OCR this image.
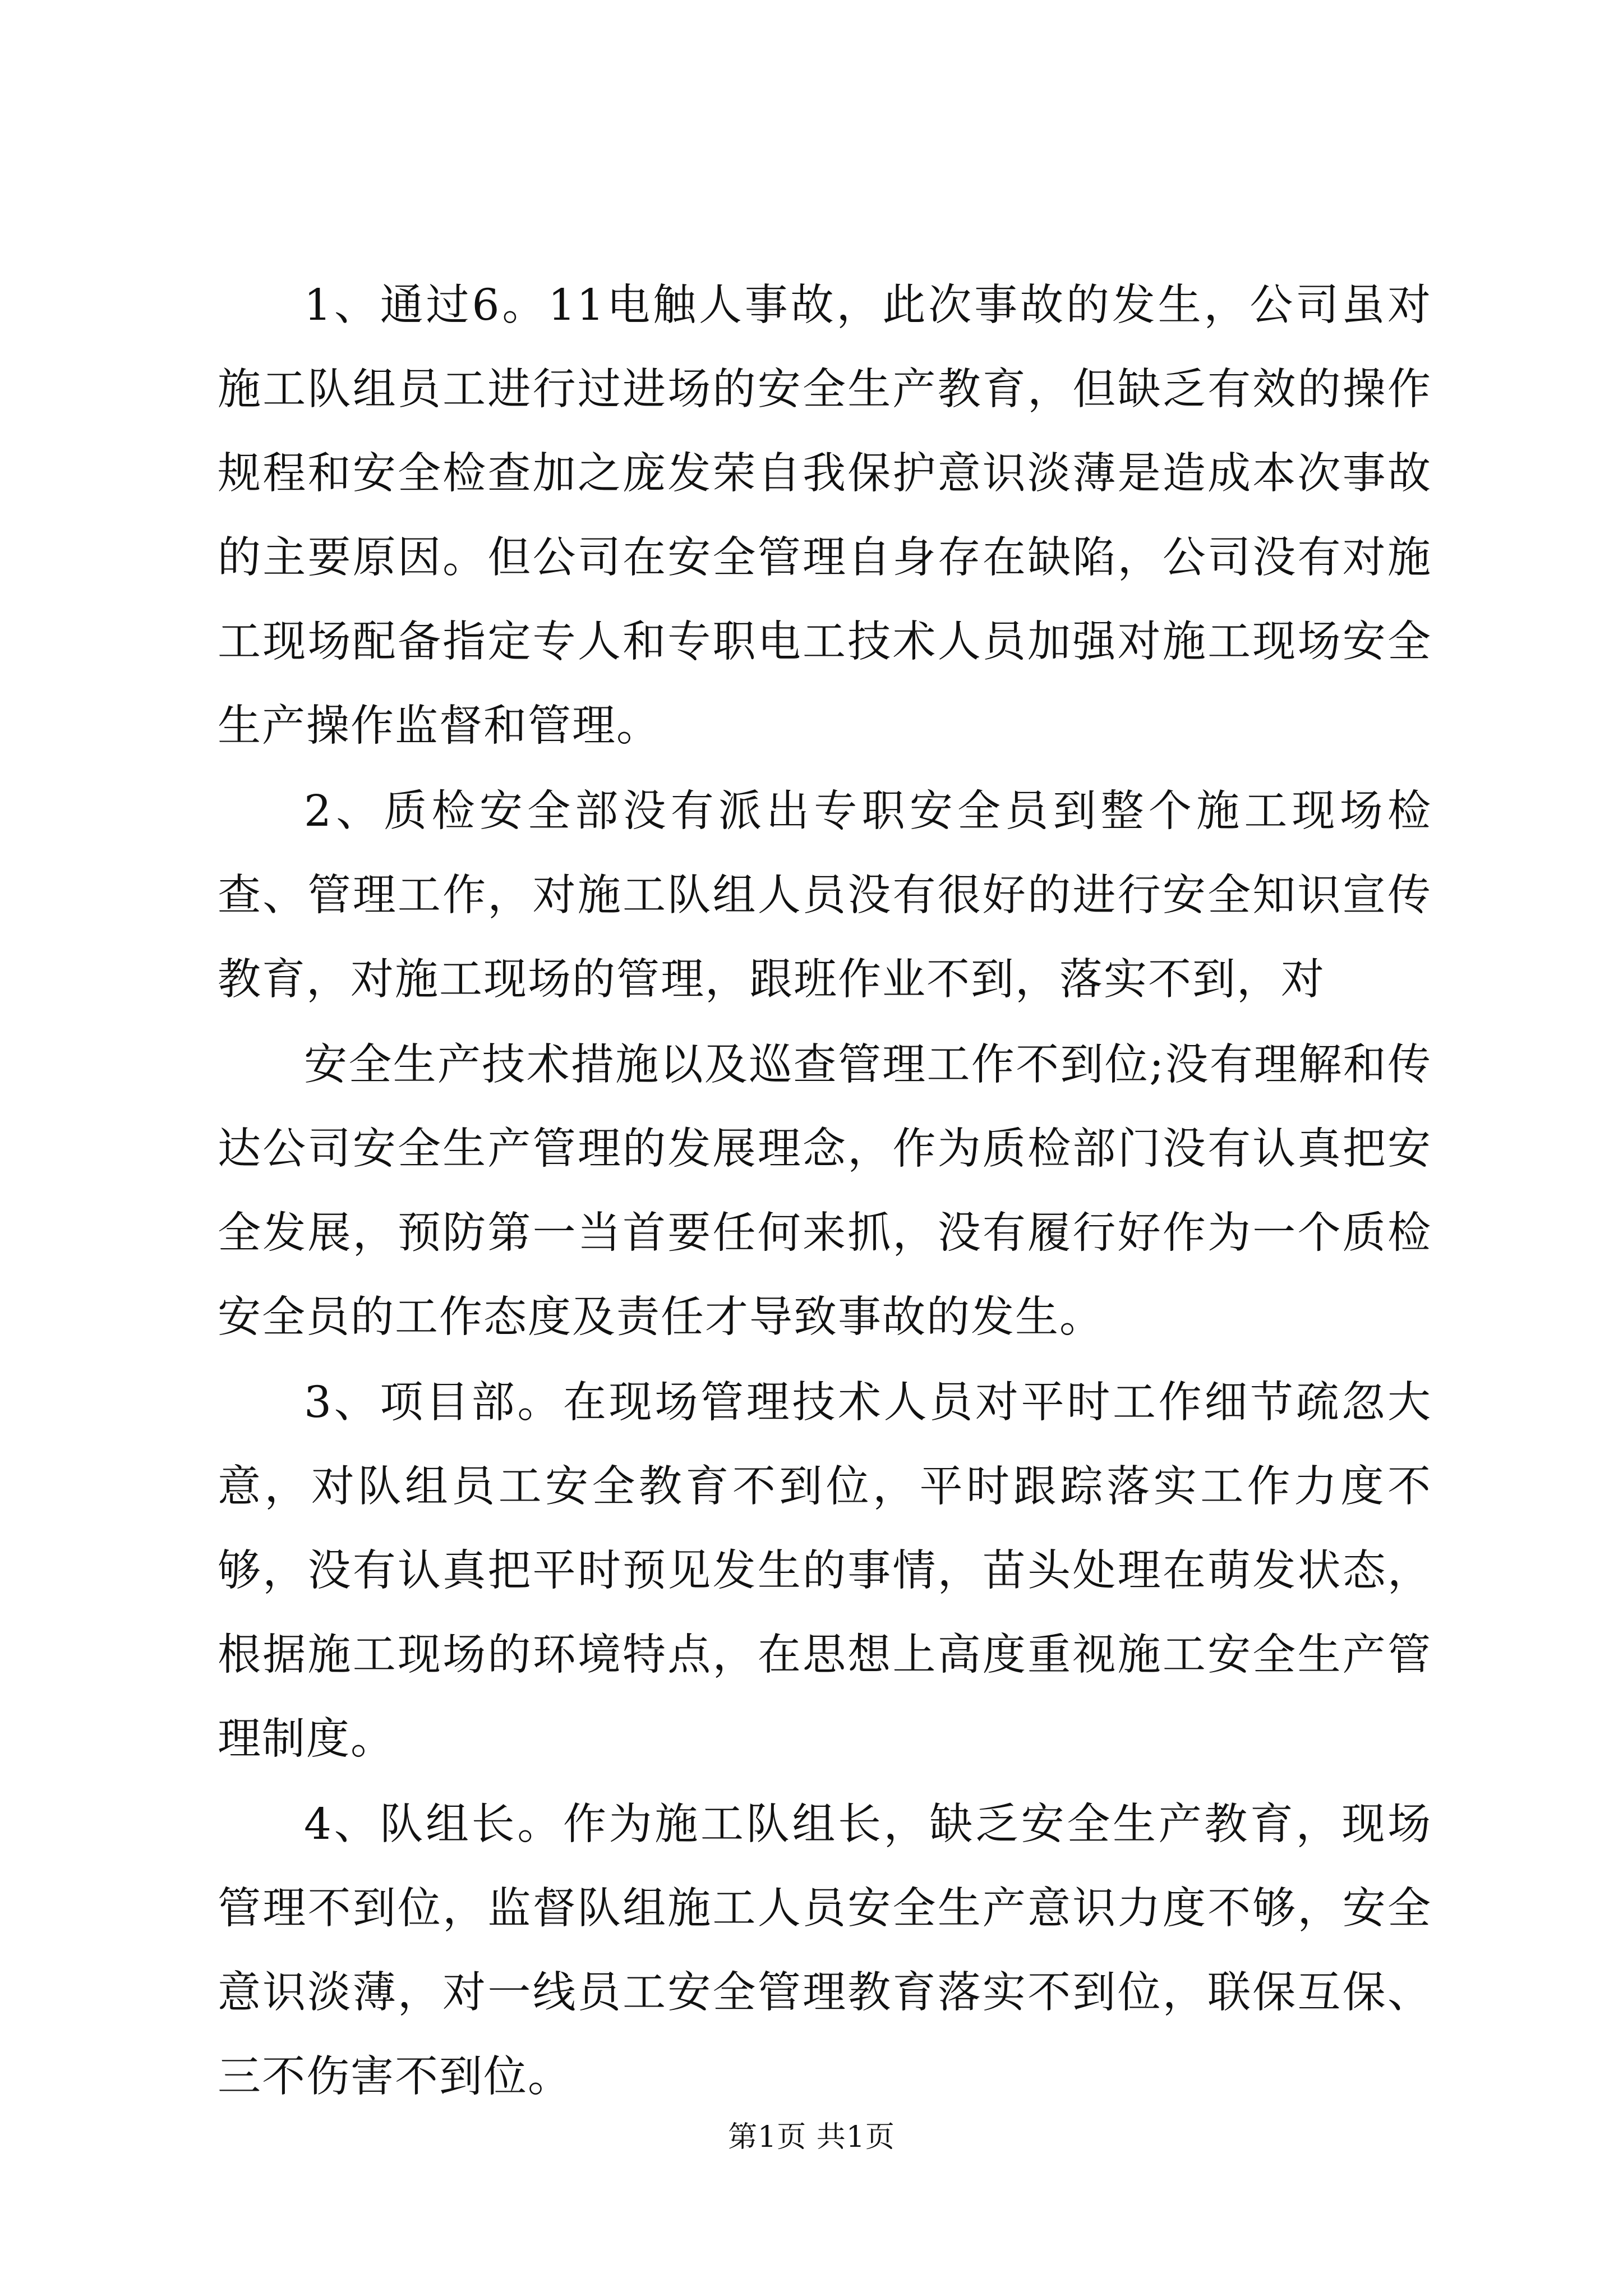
1、通过6。11电触人事故，此次事故的发生，公司虽对施工队组员工进行过进场的安全生产教育，但缺乏有效的操作规程和安全检查加之庞发荣自我保护意识淡薄是造成本次事故的主要原因。但公司在安全管理自身存在缺陷，公司没有对施工现场配备指定专人和专职电工技术人员加强对施工现场安全生产操作监督和管理。

2、质检安全部没有派出专职安全员到整个施工现场检查、管理工作，对施工队组人员没有很好的进行安全知识宣传教育，对施工现场的管理，跟班作业不到，落实不到，对

安全生产技术措施以及巡查管理工作不到位;没有理解和传达公司安全生产管理的发展理念，作为质检部门没有认真把安全发展，预防第一当首要任何来抓，没有履行好作为一个质检安全员的工作态度及责任才导致事故的发生。

3、项目部。在现场管理技术人员对平时工作细节疏忽大意，对队组员工安全教育不到位，平时跟踪落实工作力度不够，没有认真把平时预见发生的事情，苗头处理在萌发状态，根据施工现场的环境特点，在思想上高度重视施工安全生产管理制度。

4、队组长。作为施工队组长，缺乏安全生产教育，现场管理不到位，监督队组施工人员安全生产意识力度不够，安全意识淡薄，对一线员工安全管理教育落实不到位，联保互保、三不伤害不到位。

第1页 共1页
